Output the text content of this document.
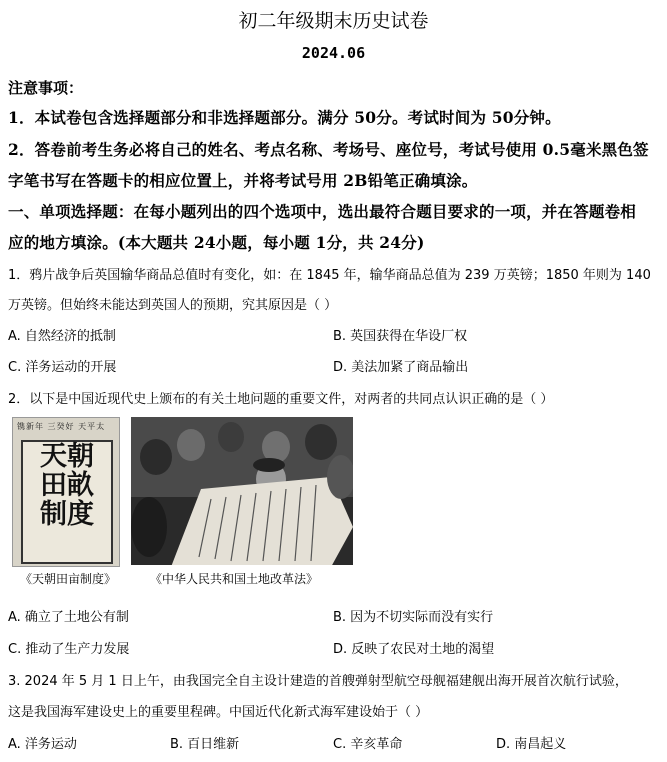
初二年级期末历史试卷
2024.06
注意事项：
1．本试卷包含选择题部分和非选择题部分。满分 50分。考试时间为 50分钟。
2．答卷前考生务必将自己的姓名、考点名称、考场号、座位号，考试号使用 0.5毫米黑色签
字笔书写在答题卡的相应位置上，并将考试号用 2B铅笔正确填涂。
一、单项选择题：在每小题列出的四个选项中，选出最符合题目要求的一项，并在答题卷相
应的地方填涂。(本大题共 24小题，每小题 1分，共 24分)
1．鸦片战争后英国输华商品总值时有变化，如：在 1845 年，输华商品总值为 239 万英镑；1850 年则为 140
万英镑。但始终未能达到英国人的预期，究其原因是（ ）
A. 自然经济的抵制	B. 英国获得在华设厂权
C. 洋务运动的开展	D. 美法加紧了商品输出
2．以下是中国近现代史上颁布的有关土地问题的重要文件，对两者的共同点认识正确的是（ ）
镌新年 三癸好 天平太
天朝田畝制度
《天朝田亩制度》	《中华人民共和国土地改革法》
A. 确立了土地公有制	B. 因为不切实际而没有实行
C. 推动了生产力发展	D. 反映了农民对土地的渴望
3. 2024 年 5 月 1 日上午，由我国完全自主设计建造的首艘弹射型航空母舰福建舰出海开展首次航行试验，
这是我国海军建设史上的重要里程碑。中国近代化新式海军建设始于（ ）
A. 洋务运动	B. 百日维新	C. 辛亥革命	D. 南昌起义
